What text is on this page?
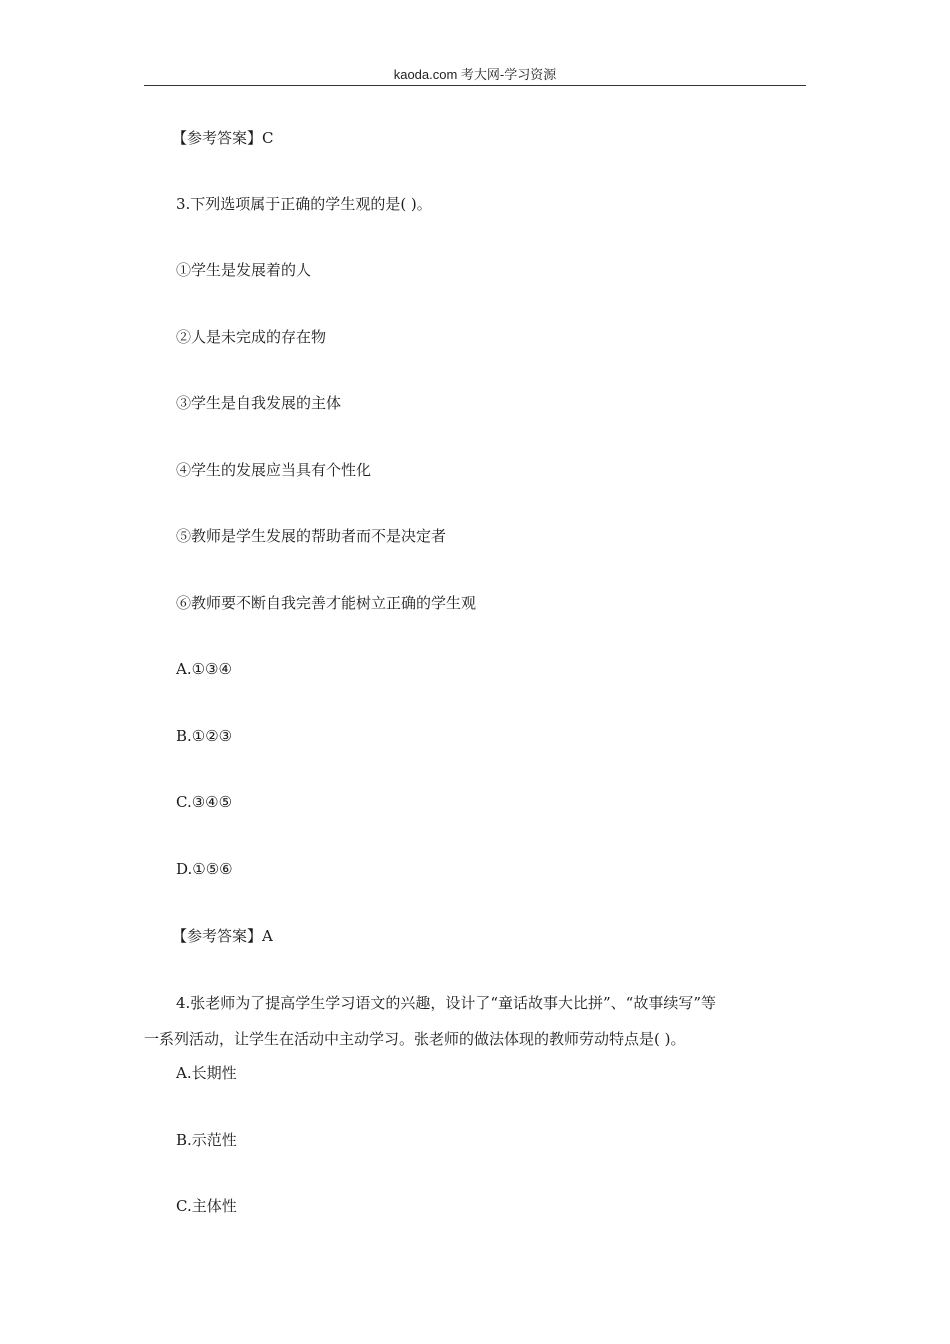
kaoda.com 考大网-学习资源
【参考答案】C
3.下列选项属于正确的学生观的是( )。
①学生是发展着的人
②人是未完成的存在物
③学生是自我发展的主体
④学生的发展应当具有个性化
⑤教师是学生发展的帮助者而不是决定者
⑥教师要不断自我完善才能树立正确的学生观
A.①③④
B.①②③
C.③④⑤
D.①⑤⑥
【参考答案】A
4.张老师为了提高学生学习语文的兴趣，设计了“童话故事大比拼”、“故事续写”等
一系列活动，让学生在活动中主动学习。张老师的做法体现的教师劳动特点是( )。
A.长期性
B.示范性
C.主体性
